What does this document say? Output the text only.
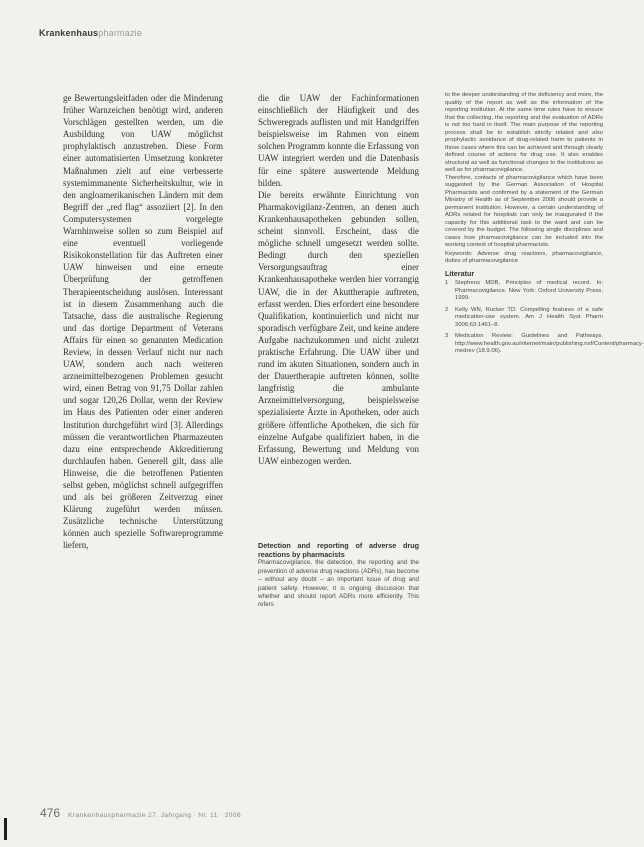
Krankenhauspharmazie

ge Bewertungsleitfaden oder die Minderung früher Warnzeichen benötigt wird, anderen Vorschlägen gestellten werden, um die Ausbildung von UAW möglichst prophylaktisch anzustreben. Diese Form einer automatisierten Umsetzung konkreter Maßnahmen zielt auf eine verbesserte systemimmanente Sicherheitskultur, wie in den angloamerikanischen Ländern mit dem Begriff der „red flag“ assoziiert [2]. In den Computersystemen vorgelegte Warnhinweise sollen so zum Beispiel auf eine eventuell vorliegende Risikokonstellation für das Auftreten einer UAW hinweisen und eine erneute Überprüfung der getroffenen Therapieentscheidung auslösen. Interessant ist in diesem Zusammenhang auch die Tatsache, dass die australische Regierung und das dortige Department of Veterans Affairs für einen so genannten Medication Review, in dessen Verlauf nicht nur nach UAW, sondern auch nach weiteren arzneimittelbezogenen Problemen gesucht wird, einen Betrag von 91,75 Dollar zahlen und sogar 120,26 Dollar, wenn der Review im Haus des Patienten oder einer anderen Institution durchgeführt wird [3]. Allerdings müssen die verantwortlichen Pharmazeuten dazu eine entsprechende Akkreditierung durchlaufen haben. Generell gilt, dass alle Hinweise, die die betroffenen Patienten selbst geben, möglichst schnell aufgegriffen und als bei größeren Zeitverzug einer Klärung zugeführt werden müssen. Zusätzliche technische Unterstützung können auch spezielle Softwareprogramme liefern,

die die UAW der Fachinformationen einschließlich der Häufigkeit und des Schweregrads auflisten und mit Handgriffen beispielsweise im Rahmen von einem solchen Programm konnte die Erfassung von UAW integriert werden und die Datenbasis für eine spätere auswertende Meldung bilden.

Die bereits erwähnte Einrichtung von Pharmakovigilanz-Zentren, an denen auch Krankenhausapotheken gebunden sollen, scheint sinnvoll. Erscheint, dass die mögliche schnell umgesetzt werden sollte. Bedingt durch den speziellen Versorgungsauftrag einer Krankenhausapotheke werden hier vorrangig UAW, die in der Akuttherapie auftreten, erfasst werden. Dies erfordert eine besondere Qualifikation, kontinuierlich und nicht nur sporadisch verfügbare Zeit, und keine andere Aufgabe nachzukommen und nicht zuletzt praktische Erfahrung. Die UAW über und rund im akuten Situationen, sondern auch in der Dauertherapie auftreten können, sollte langfristig die ambulante Arzneimittelversorgung, beispielsweise spezialisierte Ärzte in Apotheken, oder auch größere öffentliche Apotheken, die sich für einzelne Aufgabe qualifiziert haben, in die Erfassung, Bewertung und Meldung von UAW einbezogen werden.

Detection and reporting of adverse drug reactions by pharmacists

Pharmacovigilance, the detection, the reporting and the prevention of adverse drug reactions (ADRs), has become – without any doubt – an important issue of drug and patient safety. However, it is ongoing discussion that whether and should report ADRs more efficiently. This refers

to the deeper understanding of the deficiency and more, the quality of the report as well as the information of the reporting institution. At the same time rules have to ensure that the collecting, the reporting and the evaluation of ADRs is not too hard in itself. The main purpose of the reporting process shall be to establish strictly related and also prophylactic avoidance of drug-related harm to patients in those cases where this can be achieved and through clearly defined course of actions for drug use. It also enables structural as well as functional changes to the institutions as well as for pharmacovigilance.

Therefore, contacts of pharmacovigilance which have been suggested by the German Association of Hospital Pharmacists and confirmed by a statement of the German Ministry of Health as of September 2006 should provide a permanent institution. However, a certain understanding of ADRs related for hospitals can only be inaugurated if the capacity for this additional task to the ward and can be covered by the budget. The following single disciplines and cases how pharmacovigilance can be included into the working context of hospital pharmacists.

Keywords: Adverse drug reactions, pharmacovigilance, duties of pharmacovigilance

Literatur
1 Stephens MDB, Principles of medical record. In: Pharmacovigilance. New York: Oxford University Press, 1999.
2 Kelly WN, Rucker TD. Compelling features of a safe medication-use system. Am J Health Syst Pharm 2006;63:1461–8.
3 Medication Review: Guidelines and Pathways. http://www.health.gov.au/internet/main/publishing.nsf/Content/pharmacy-medrev (18.9.06).
476 Krankenhauspharmazie 27. Jahrgang · Nr. 11 · 2006
